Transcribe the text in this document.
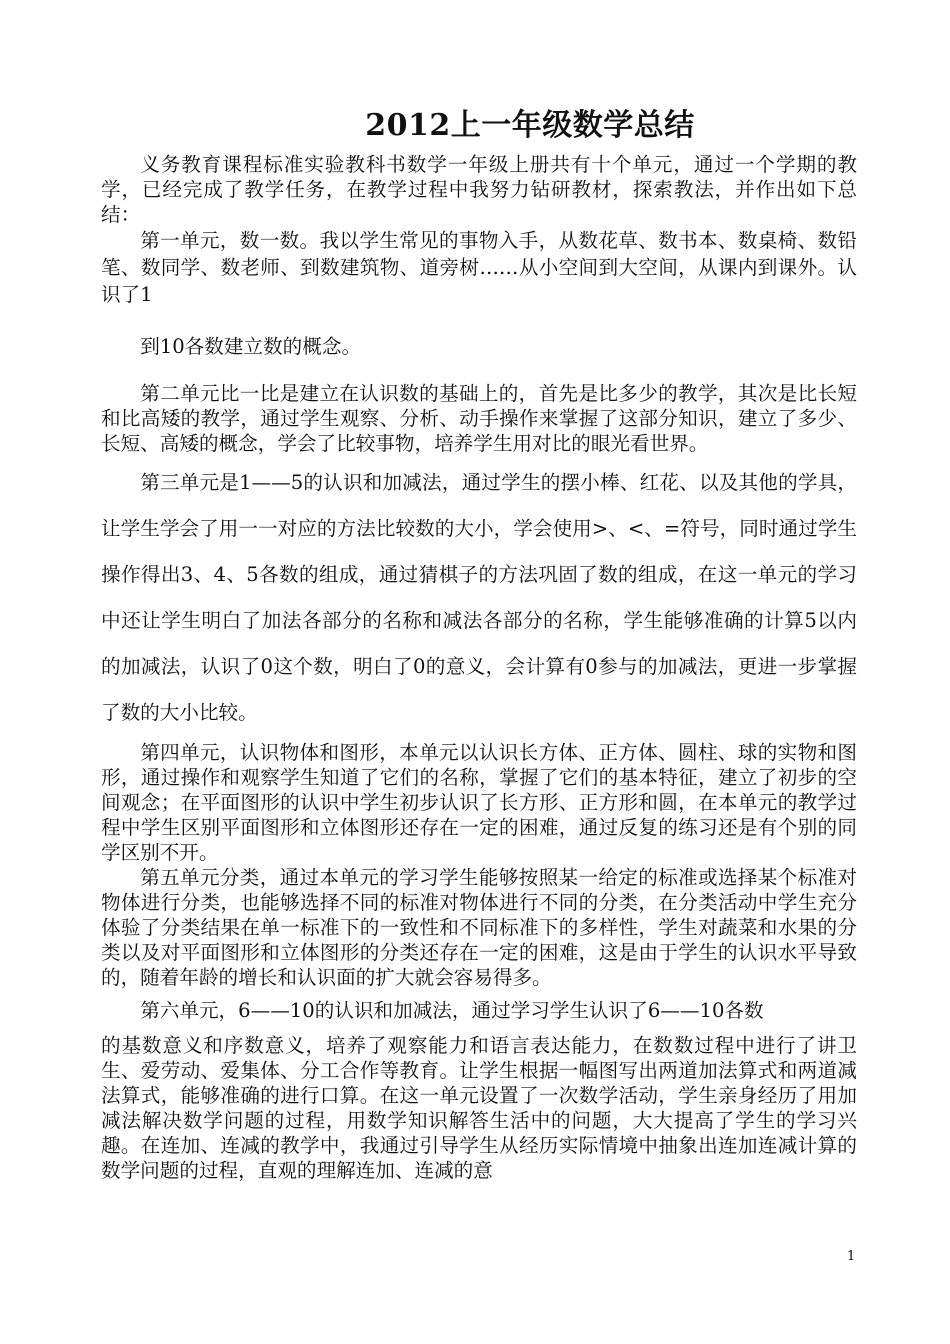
2012上一年级数学总结

义务教育课程标准实验教科书数学一年级上册共有十个单元，通过一个学期的教学，已经完成了教学任务，在教学过程中我努力钻研教材，探索教法，并作出如下总结：

第一单元，数一数。我以学生常见的事物入手，从数花草、数书本、数桌椅、数铅笔、数同学、数老师、到数建筑物、道旁树……从小空间到大空间，从课内到课外。认识了1

到10各数建立数的概念。

第二单元比一比是建立在认识数的基础上的，首先是比多少的教学，其次是比长短和比高矮的教学，通过学生观察、分析、动手操作来掌握了这部分知识，建立了多少、长短、高矮的概念，学会了比较事物，培养学生用对比的眼光看世界。

第三单元是1——5的认识和加减法，通过学生的摆小棒、红花、以及其他的学具，让学生学会了用一一对应的方法比较数的大小，学会使用>、<、=符号，同时通过学生操作得出3、4、5各数的组成，通过猜棋子的方法巩固了数的组成，在这一单元的学习中还让学生明白了加法各部分的名称和减法各部分的名称，学生能够准确的计算5以内的加减法，认识了0这个数，明白了0的意义，会计算有0参与的加减法，更进一步掌握了数的大小比较。

第四单元，认识物体和图形，本单元以认识长方体、正方体、圆柱、球的实物和图形，通过操作和观察学生知道了它们的名称，掌握了它们的基本特征，建立了初步的空间观念；在平面图形的认识中学生初步认识了长方形、正方形和圆，在本单元的教学过程中学生区别平面图形和立体图形还存在一定的困难，通过反复的练习还是有个别的同学区别不开。

第五单元分类，通过本单元的学习学生能够按照某一给定的标准或选择某个标准对物体进行分类，也能够选择不同的标准对物体进行不同的分类，在分类活动中学生充分体验了分类结果在单一标准下的一致性和不同标准下的多样性，学生对蔬菜和水果的分类以及对平面图形和立体图形的分类还存在一定的困难，这是由于学生的认识水平导致的，随着年龄的增长和认识面的扩大就会容易得多。

第六单元，6——10的认识和加减法，通过学习学生认识了6——10各数

的基数意义和序数意义，培养了观察能力和语言表达能力，在数数过程中进行了讲卫生、爱劳动、爱集体、分工合作等教育。让学生根据一幅图写出两道加法算式和两道减法算式，能够准确的进行口算。在这一单元设置了一次数学活动，学生亲身经历了用加减法解决数学问题的过程，用数学知识解答生活中的问题，大大提高了学生的学习兴趣。在连加、连减的教学中，我通过引导学生从经历实际情境中抽象出连加连减计算的数学问题的过程，直观的理解连加、连减的意

1
